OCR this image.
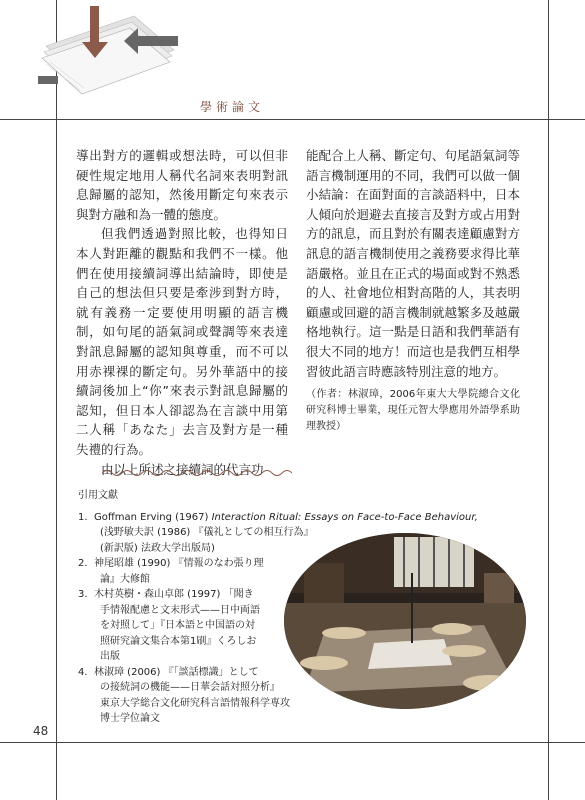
學術論文

導出對方的邏輯或想法時，可以但非硬性規定地用人稱代名詞來表明對訊息歸屬的認知，然後用斷定句來表示與對方融和為一體的態度。

但我們透過對照比較，也得知日本人對距離的觀點和我們不一樣。他們在使用接續詞導出結論時，即使是自己的想法但只要是牽涉到對方時，就有義務一定要使用明顯的語言機制，如句尾的語氣詞或聲調等來表達對訊息歸屬的認知與尊重，而不可以用赤裸裸的斷定句。另外華語中的接續詞後加上“你”來表示對訊息歸屬的認知，但日本人卻認為在言談中用第二人稱「あなた」去言及對方是一種失禮的行為。

由以上所述之接續詞的代言功

能配合上人稱、斷定句、句尾語氣詞等語言機制運用的不同，我們可以做一個小結論：在面對面的言談語料中，日本人傾向於迴避去直接言及對方或占用對方的訊息，而且對於有關表達顧慮對方訊息的語言機制使用之義務要求得比華語嚴格。並且在正式的場面或對不熟悉的人、社會地位相對高階的人，其表明顧慮或回避的語言機制就越繁多及越嚴格地執行。這一點是日語和我們華語有很大不同的地方！而這也是我們互相學習彼此語言時應該特別注意的地方。

（作者：林淑璋，2006年東大大學院總合文化研究科博士畢業，現任元智大學應用外語學系助理教授）

引用文獻
1. Goffman Erving (1967) Interaction Ritual: Essays on Face-to-Face Behaviour,
(浅野敏夫訳 (1986) 『儀礼としての相互行為』
(新訳版) 法政大学出版局)
2. 神尾昭雄 (1990) 『情報のなわ張り理
論』大修館
3. 木村英樹・森山卓郎 (1997) 「聞き
手情報配慮と文末形式——日中両語
を対照して」『日本語と中国語の対
照研究論文集合本第1刷』くろしお
出版
4. 林淑璋 (2006) 『「談話標識」として
の接続詞の機能——日華会話対照分析』
東京大学総合文化研究科言語情報科学専攻
博士学位論文
48
